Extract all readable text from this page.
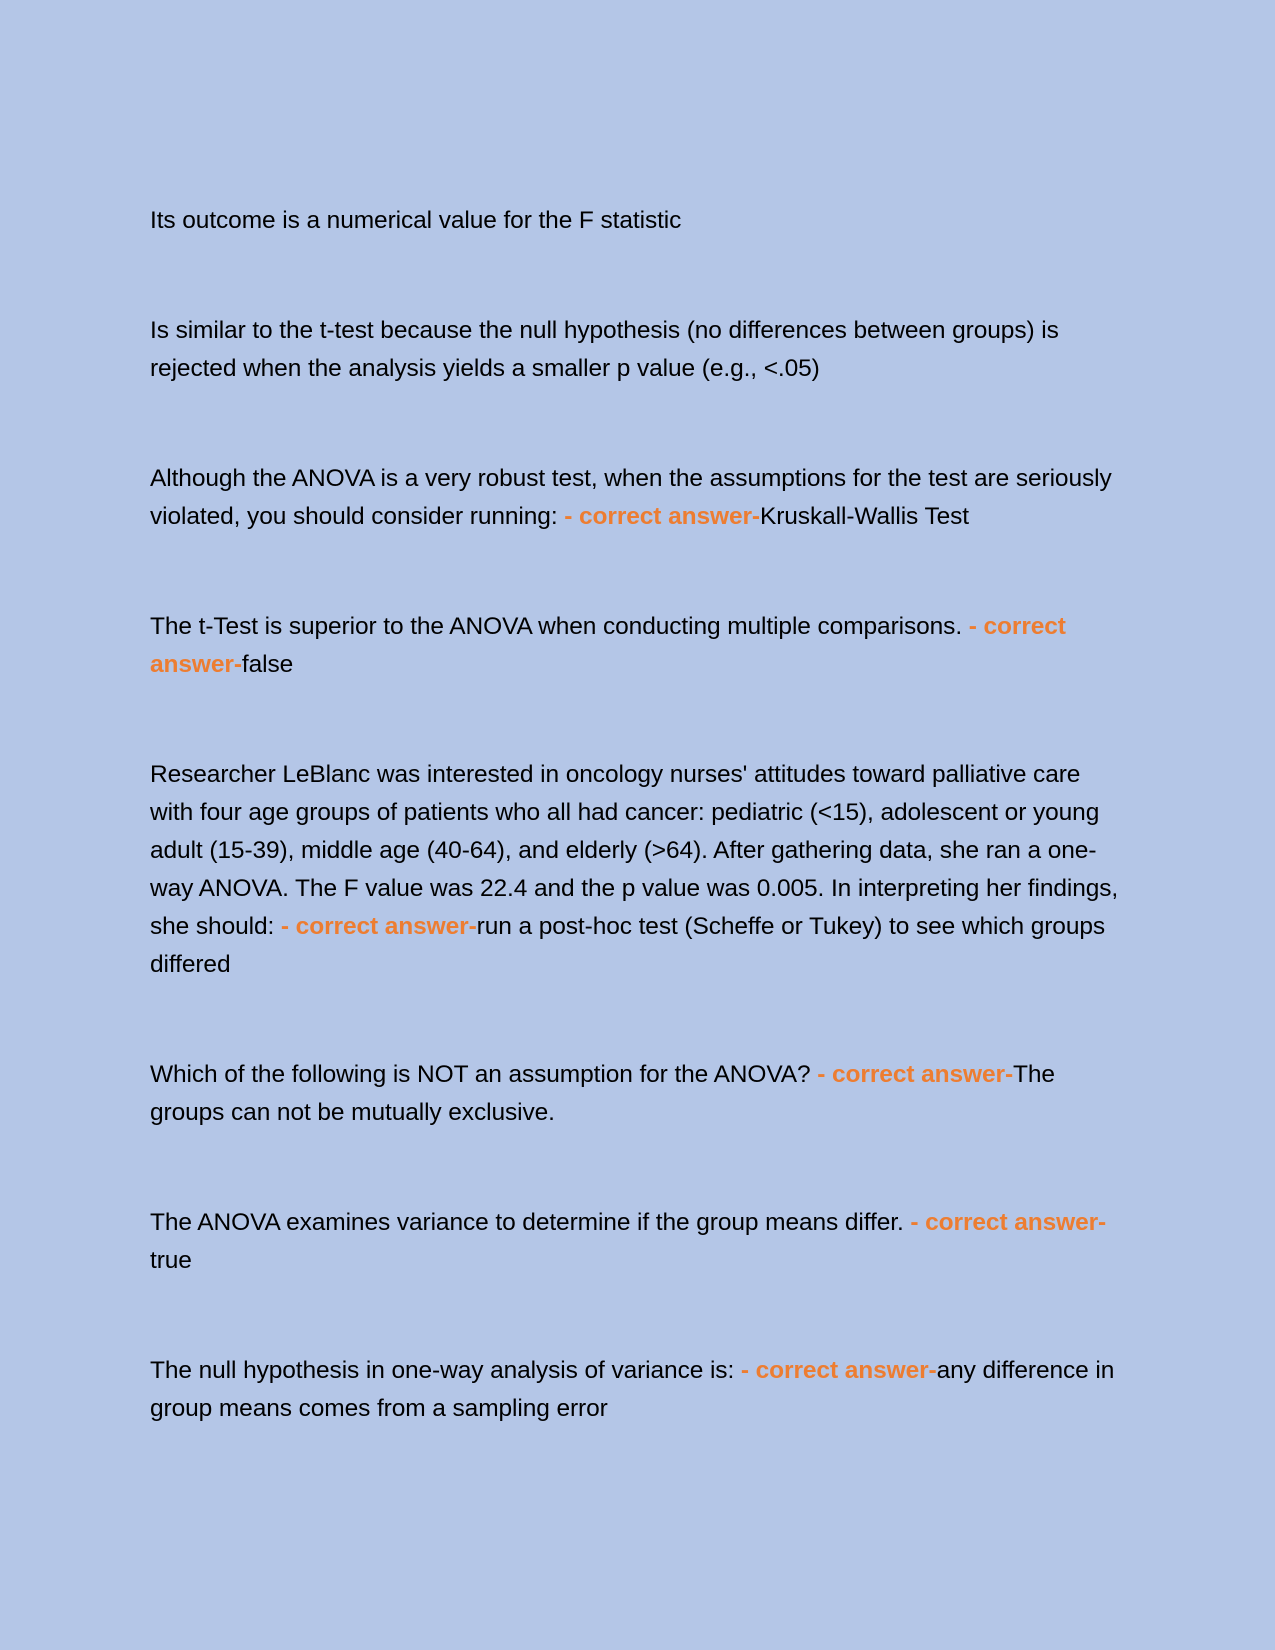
Its outcome is a numerical value for the F statistic

Is similar to the t-test because the null hypothesis (no differences between groups) is rejected when the analysis yields a smaller p value (e.g., <.05)

Although the ANOVA is a very robust test, when the assumptions for the test are seriously violated, you should consider running: - correct answer-Kruskall-Wallis Test

The t-Test is superior to the ANOVA when conducting multiple comparisons. - correct answer-false

Researcher LeBlanc was interested in oncology nurses' attitudes toward palliative care with four age groups of patients who all had cancer: pediatric (<15), adolescent or young adult (15-39), middle age (40-64), and elderly (>64). After gathering data, she ran a one-way ANOVA. The F value was 22.4 and the p value was 0.005. In interpreting her findings, she should: - correct answer-run a post-hoc test (Scheffe or Tukey) to see which groups differed

Which of the following is NOT an assumption for the ANOVA? - correct answer-The groups can not be mutually exclusive.

The ANOVA examines variance to determine if the group means differ. - correct answer-true

The null hypothesis in one-way analysis of variance is: - correct answer-any difference in group means comes from a sampling error
